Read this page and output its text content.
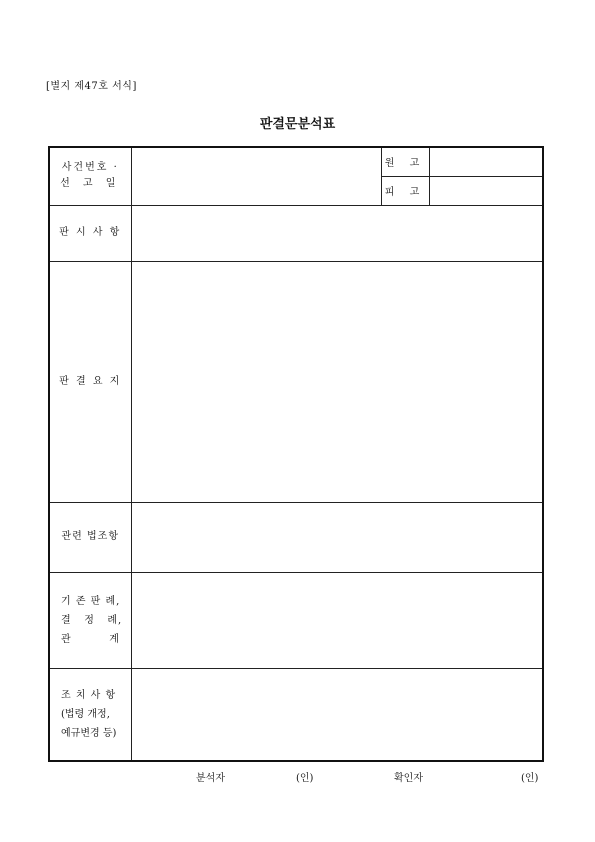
[별지 제47호 서식]
판결문분석표
사건번호 ·
선 고 일		원 고	
		피 고	
판 시 사 항			
판 결 요 지			
관련 법조항			

기 존 판 례,
결   정   례,
관         계			

조 치 사 항
(법령 개정,
예규변경 등)			

분석자	(인)	확인자	(인)
